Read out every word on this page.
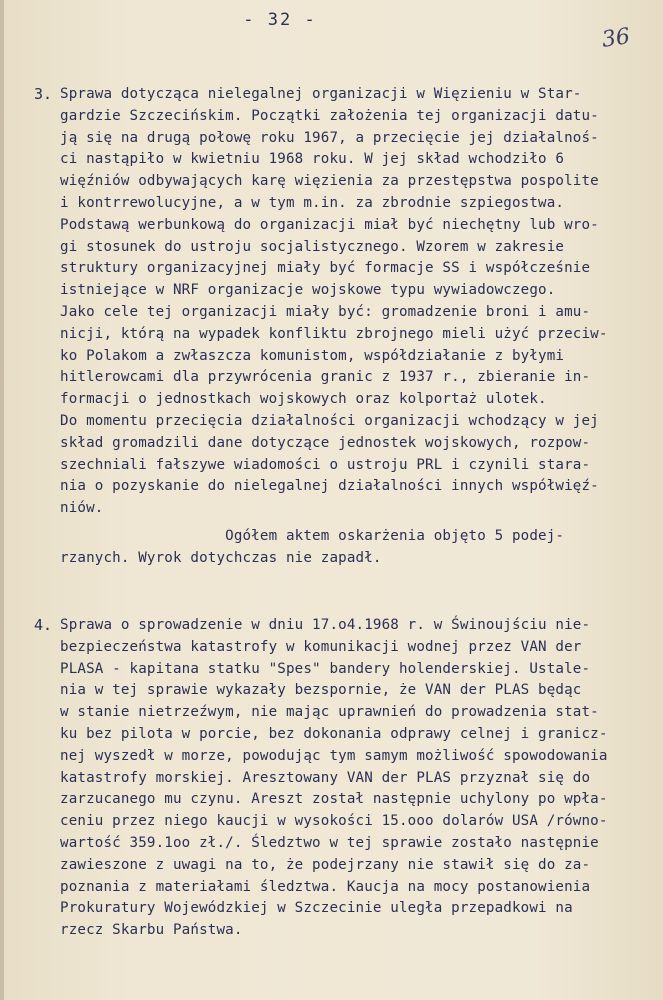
- 32 -
36
3. Sprawa dotycząca nielegalnej organizacji w Więzieniu w Star-
gardzie Szczecińskim. Początki założenia tej organizacji datu-
ją się na drugą połowę roku 1967, a przecięcie jej działalnoś-
ci nastąpiło w kwietniu 1968 roku. W jej skład wchodziło 6
więźniów odbywających karę więzienia za przestępstwa pospolite
i kontrrewolucyjne, a w tym m.in. za zbrodnie szpiegostwa.
Podstawą werbunkową do organizacji miał być niechętny lub wro-
gi stosunek do ustroju socjalistycznego. Wzorem w zakresie
struktury organizacyjnej miały być formacje SS i współcześnie
istniejące w NRF organizacje wojskowe typu wywiadowczego.
Jako cele tej organizacji miały być: gromadzenie broni i amu-
nicji, którą na wypadek konfliktu zbrojnego mieli użyć przeciw-
ko Polakom a zwłaszcza komunistom, współdziałanie z byłymi
hitlerowcami dla przywrócenia granic z 1937 r., zbieranie in-
formacji o jednostkach wojskowych oraz kolportaż ulotek.
Do momentu przecięcia działalności organizacji wchodzący w jej
skład gromadzili dane dotyczące jednostek wojskowych, rozpow-
szechniali fałszywe wiadomości o ustroju PRL i czynili stara-
nia o pozyskanie do nielegalnej działalności innych współwięź-
niów.
Ogółem aktem oskarżenia objęto 5 podej-
rzanych. Wyrok dotychczas nie zapadł.
4. Sprawa o sprowadzenie w dniu 17.o4.1968 r. w Świnoujściu nie-
bezpieczeństwa katastrofy w komunikacji wodnej przez VAN der
PLASA - kapitana statku "Spes" bandery holenderskiej. Ustale-
nia w tej sprawie wykazały bezspornie, że VAN der PLAS będąc
w stanie nietrzeźwym, nie mając uprawnień do prowadzenia stat-
ku bez pilota w porcie, bez dokonania odprawy celnej i granicz-
nej wyszedł w morze, powodując tym samym możliwość spowodowania
katastrofy morskiej. Aresztowany VAN der PLAS przyznał się do
zarzucanego mu czynu. Areszt został następnie uchylony po wpła-
ceniu przez niego kaucji w wysokości 15.ooo dolarów USA /równo-
wartość 359.1oo zł./. Śledztwo w tej sprawie zostało następnie
zawieszone z uwagi na to, że podejrzany nie stawił się do za-
poznania z materiałami śledztwa. Kaucja na mocy postanowienia
Prokuratury Wojewódzkiej w Szczecinie uległa przepadkowi na
rzecz Skarbu Państwa.
